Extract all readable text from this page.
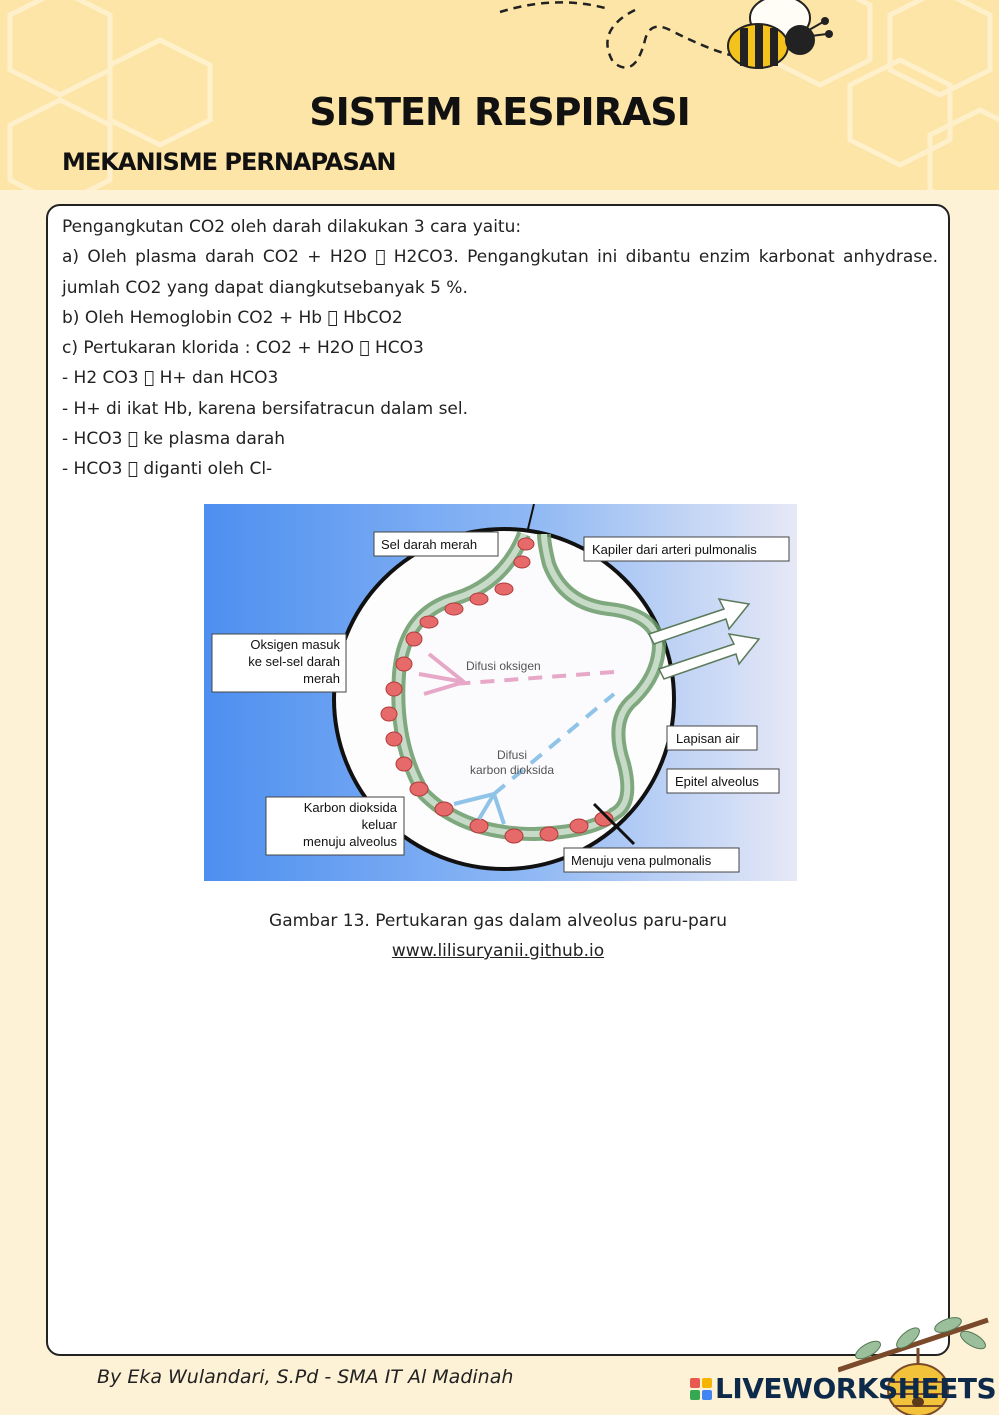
SISTEM RESPIRASI
MEKANISME PERNAPASAN

Pengangkutan CO2 oleh darah dilakukan 3 cara yaitu:

a) Oleh plasma darah CO2 + H2O   H2CO3. Pengangkutan ini dibantu enzim karbonat anhydrase. jumlah CO2 yang dapat diangkutsebanyak 5 %.

b) Oleh Hemoglobin CO2 + Hb   HbCO2

c) Pertukaran klorida : CO2 + H2O   HCO3

- H2 CO3   H+ dan HCO3

- H+ di ikat Hb, karena bersifatracun dalam sel.

- HCO3   ke plasma darah

- HCO3   diganti oleh Cl-

Sel darah merah	Kapiler dari arteri pulmonalis
Oksigen masuk
ke sel-sel darah
merah
Difusi oksigen
Difusi
karbon dioksida
Lapisan air
Epitel alveolus
Karbon dioksida
keluar
menuju alveolus
Menuju vena pulmonalis
Gambar 13. Pertukaran gas dalam alveolus paru-paru
www.lilisuryanii.github.io
By Eka Wulandari, S.Pd - SMA IT Al Madinah	LIVEWORKSHEETS
